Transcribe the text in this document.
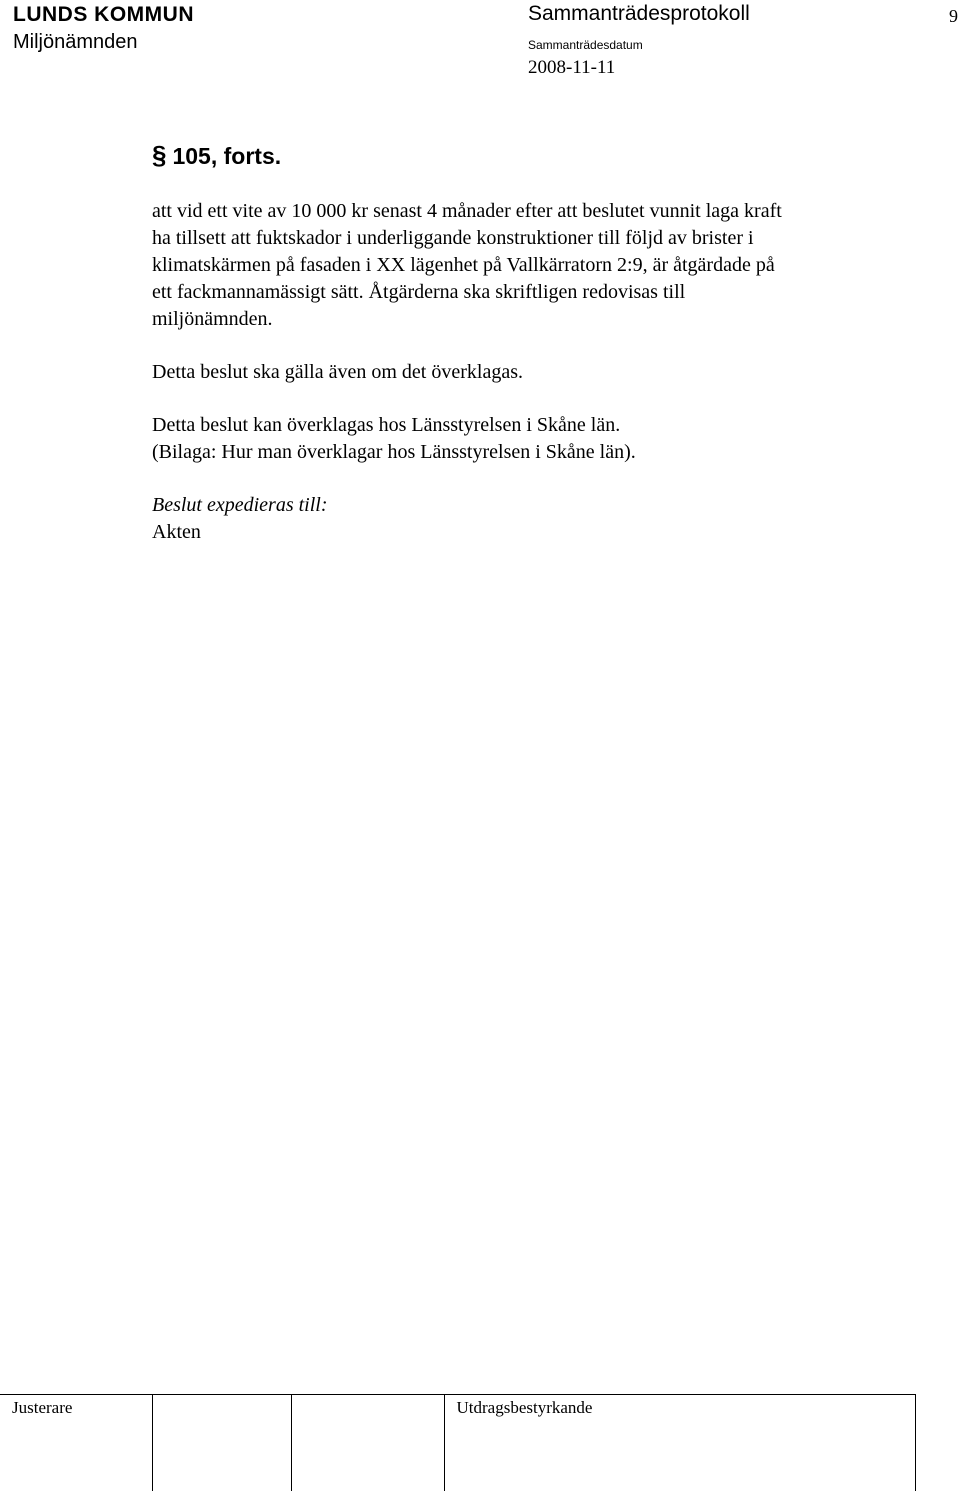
LUNDS KOMMUN
Miljönämnden
Sammanträdesprotokoll	9
Sammanträdesdatum
2008-11-11
§ 105, forts.

att vid ett vite av 10 000 kr senast 4 månader efter att beslutet vunnit laga kraft
ha tillsett att fuktskador i underliggande konstruktioner till följd av brister i
klimatskärmen på fasaden i XX lägenhet på Vallkärratorn 2:9, är åtgärdade på
ett fackmannamässigt sätt. Åtgärderna ska skriftligen redovisas till
miljönämnden.

Detta beslut ska gälla även om det överklagas.

Detta beslut kan överklagas hos Länsstyrelsen i Skåne län.
(Bilaga: Hur man överklagar hos Länsstyrelsen i Skåne län).

Beslut expedieras till:
Akten

Justerare			Utdragsbestyrkande
